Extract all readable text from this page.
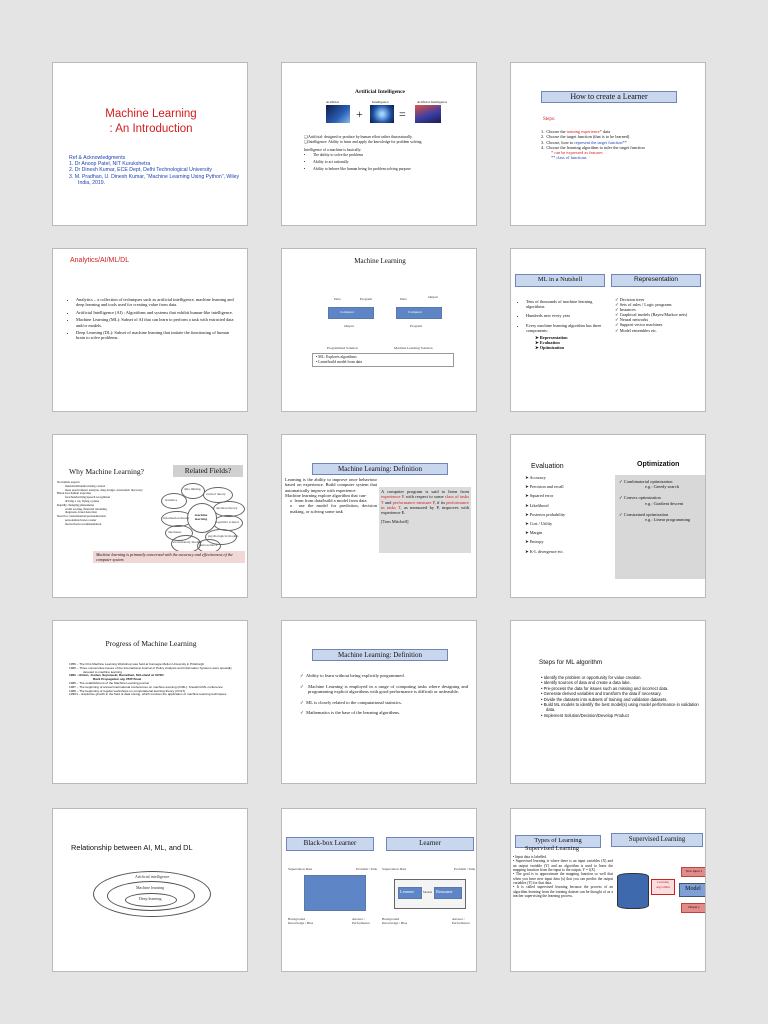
Machine Learning
: An Introduction
Ref & Acknowledgments
1. Dr Anoop Patel, NIT Kurukshetra
2. Dr Dinesh Kumar, ECE Dept, Delhi Technological University
3. M. Pradhan, U. Dinesh Kumar, “Machine Learning Using Python”, Wiley India, 2019.
Artificial Intelligence
+	=
Artificial	Intelligence	Artificial Intelligence
❏ Artificial: designed or produce by human effort rather than naturally.
❏ Intelligence: Ability to learn and apply the knowledge for problem solving.
Intelligence of a machine is basically:
• The ability to solve the problems
• Ability to act rationally
• Ability to behave like human being for problem solving purpose
How to create a Learner
Steps:
1.  Choose the training experience* data
2.  Choose the target function (that is to be learned)
3.  Choose, how to represent the target function**
4.  Choose the learning algorithm to infer the target function
* can be expressed as features
** class of functions
Analytics/AI/ML/DL
• Analytics – a collection of techniques such as artificial intelligence, machine learning and deep learning and tools used for creating value from data.
• Artificial Intelligence (AI) : Algorithms and systems that exhibit human-like intelligence.
• Machine Learning (ML): Subset of AI that can learn to perform a task with extracted data and/or models.
• Deep Learning (DL): Subset of machine learning that imitate the functioning of human brain to solve problems.
Machine Learning
Data	Program
Computer
Output
Programmed Solution
Data	Output
Computer
Program
Machine Learning Solution
• ML: Explores algorithms
• Learn/build model from data
ML in a Nutshell	Representation
• Tens of thousands of machine learning algorithms
• Hundreds new every year
• Every machine learning algorithm has three components:
➤ Representation
➤ Evaluation
➤ Optimization
✓ Decision trees
✓ Sets of rules / Logic programs
✓ Instances
✓ Graphical models (Bayes/Markov nets)
✓ Neural networks
✓ Support vector machines
✓ Model ensembles etc.
Why Machine Learning?	Related Fields?
No human experts
industrial/manufacturing control
mass spectrometer analysis, drug design, astronomic discovery
Black-box human expertise
face/handwriting/speech recognition
driving a car, flying a plane
Rapidly changing phenomena
credit scoring, financial modeling
diagnosis, fraud detection
Need for customization/personalization
personalized news reader
movie/book recommendation
machine learning
data mining
control theory
statistics
decision theory
information theory
cognitive science
databases
psychological models
evolutionary models
neuroscience
Machine learning is primarily concerned with the accuracy and effectiveness of the computer system.
Machine Learning: Definition
Learning is the ability to improve once behaviour based on experience. Build computer system that automatically improve with experience.
Machine learning explore algorithm that can-
o  learn from data/build a model from data
o  use the model for prediction, decision making, or solving some task
A computer program is said to learn from experience E with respect to some class of tasks T and performance measure P, if its performance in tasks T, as measured by P, improves with experience E.
[Tom Mitchell]
Evaluation	Optimization
➤ Accuracy
➤ Precision and recall
➤ Squared error
➤ Likelihood
➤ Posterior probability
➤ Cost / Utility
➤ Margin
➤ Entropy
➤ K-L divergence etc.
✓ Combinatorial optimization
e.g.: Greedy search
✓ Convex optimization
e.g.: Gradient descent
✓ Constrained optimization
e.g.: Linear programming
Progress of Machine Learning
1956 – The First Machine Learning Workshop was held at Carnegie Mellon University in Pittsburgh
1980 – Three consecutive issues of the International Journal of Policy Analysis and Information Systems were specially devoted to machine learning
1981 - Hinton, Jordan, Sejnowski, Rumelhart, McLeland at UCSD
Back Propagation alg. PDP Book
1986 – The establishment of the Machine Learning journal
1987 – The beginning of annual international conferences on machine learning (ICML). Snowbird ML conference
1988 – The beginning of regular workshops on computational learning theory (COLT)
1990’s – Explosive growth in the field of data mining, which involves the application of machine learning techniques.
Machine Learning: Definition
✓  Ability to learn without being explicitly programmed.
✓  Machine Learning is employed in a range of computing tasks where designing and programming explicit algorithms with good performance is difficult or unfeasible.
✓  ML is closely related to the computational statistics.
✓  Mathematics is the base of the learning algorithms.
Steps for ML algorithm
• Identify the problem or opportunity for value creation.
• Identify sources of data and create a data lake.
• Pre-process the data for issues such as missing and incorrect data.
• Generate derived variables and transform the data if necessary.
• Divide the datasets into subsets of training and validation datasets.
• Build ML models to identify the best model(s) using model performance in validation data.
• Implement Solution/Decision/Develop Product
Relationship between AI, ML, and DL
Artificial intelligence
Machine learning
Deep learning
Black-box Learner	Learner
Supervision Data	Problem / Task
Background Knowledge / Bias
Answer / Performance
Supervision Data	Problem / Task
Learner	Reasoner
Models
Background Knowledge / Bias
Answer / Performance
Types of Learning	Supervised Learning
Supervised Learning
• Input data is labelled.
• Supervised learning is where there is an input variables (X) and an output variable (Y) and an algorithm is used to learn the mapping function from the input to the output. Y = f(X)
• The goal is to approximate the mapping function so well that when you have new input data (x) that you can predict the output variables (Y) for that data.
• It is called supervised learning because the process of an algorithm learning from the training dataset can be thought of as a teacher supervising the learning process.
Learning Algorithm
New Input x
Model
Output y
